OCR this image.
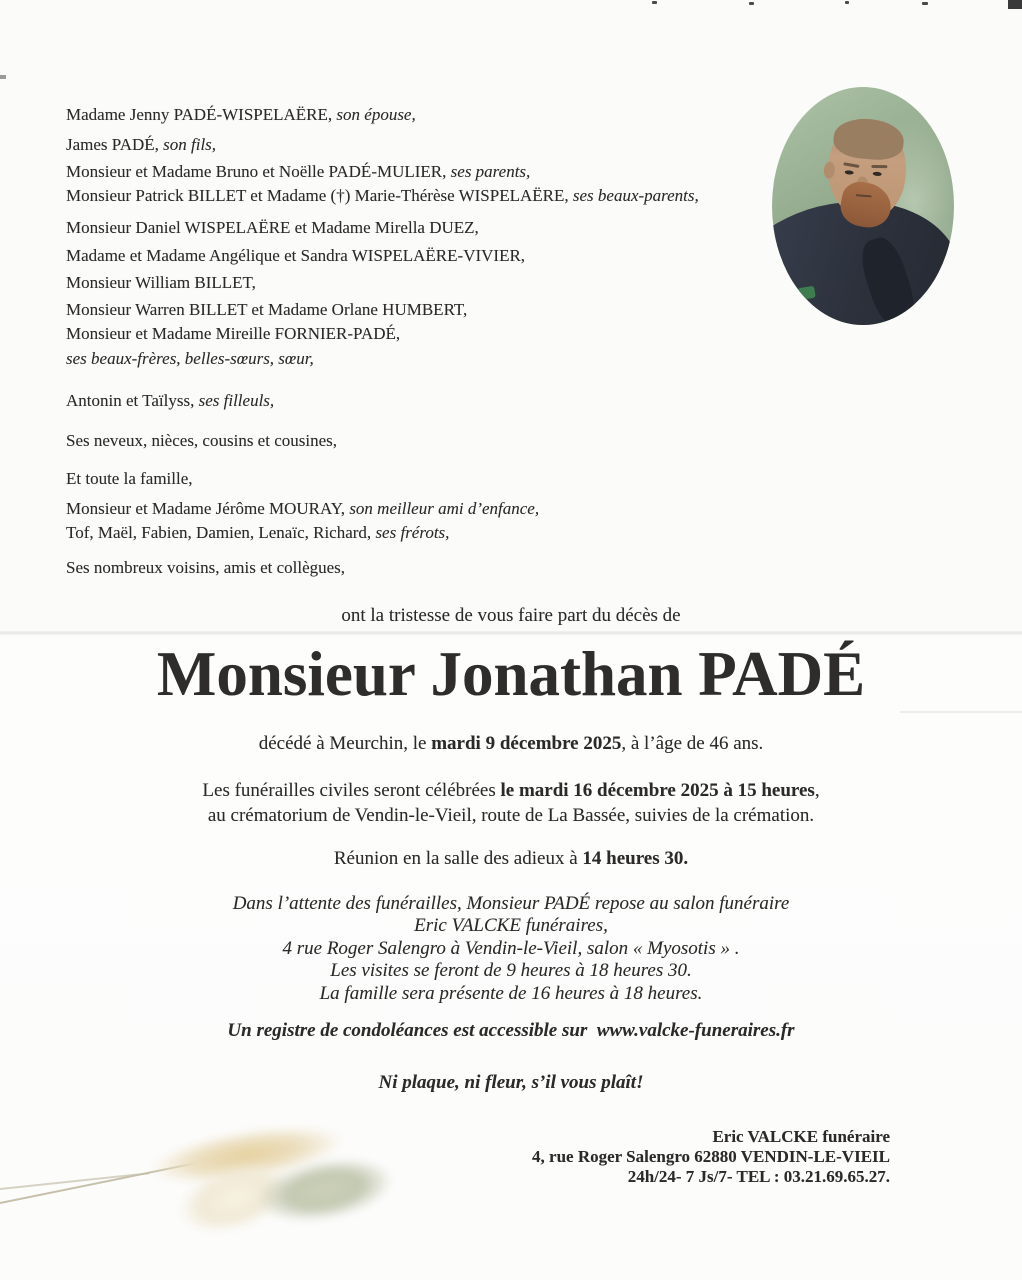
Madame Jenny PADÉ-WISPELAËRE, son épouse,
James PADÉ, son fils,
Monsieur et Madame Bruno et Noëlle PADÉ-MULIER, ses parents,
Monsieur Patrick BILLET et Madame (†) Marie-Thérèse WISPELAËRE, ses beaux-parents,
Monsieur Daniel WISPELAËRE et Madame Mirella DUEZ,
Madame et Madame Angélique et Sandra WISPELAËRE-VIVIER,
Monsieur William BILLET,
Monsieur Warren BILLET et Madame Orlane HUMBERT,
Monsieur et Madame Mireille FORNIER-PADÉ,
ses beaux-frères, belles-sœurs, sœur,
Antonin et Taïlyss, ses filleuls,
Ses neveux, nièces, cousins et cousines,
Et toute la famille,
Monsieur et Madame Jérôme MOURAY, son meilleur ami d’enfance,
Tof, Maël, Fabien, Damien, Lenaïc, Richard, ses frérots,
Ses nombreux voisins, amis et collègues,
ont la tristesse de vous faire part du décès de
Monsieur Jonathan PADÉ
décédé à Meurchin, le mardi 9 décembre 2025, à l’âge de 46 ans.
Les funérailles civiles seront célébrées le mardi 16 décembre 2025 à 15 heures,
au crématorium de Vendin-le-Vieil, route de La Bassée, suivies de la crémation.
Réunion en la salle des adieux à 14 heures 30.
Dans l’attente des funérailles, Monsieur PADÉ repose au salon funéraire
Eric VALCKE funéraires,
4 rue Roger Salengro à Vendin-le-Vieil, salon « Myosotis » .
Les visites se feront de 9 heures à 18 heures 30.
La famille sera présente de 16 heures à 18 heures.
Un registre de condoléances est accessible sur  www.valcke-funeraires.fr
Ni plaque, ni fleur, s’il vous plaît!
Eric VALCKE funéraire
4, rue Roger Salengro 62880 VENDIN-LE-VIEIL
24h/24- 7 Js/7- TEL : 03.21.69.65.27.
